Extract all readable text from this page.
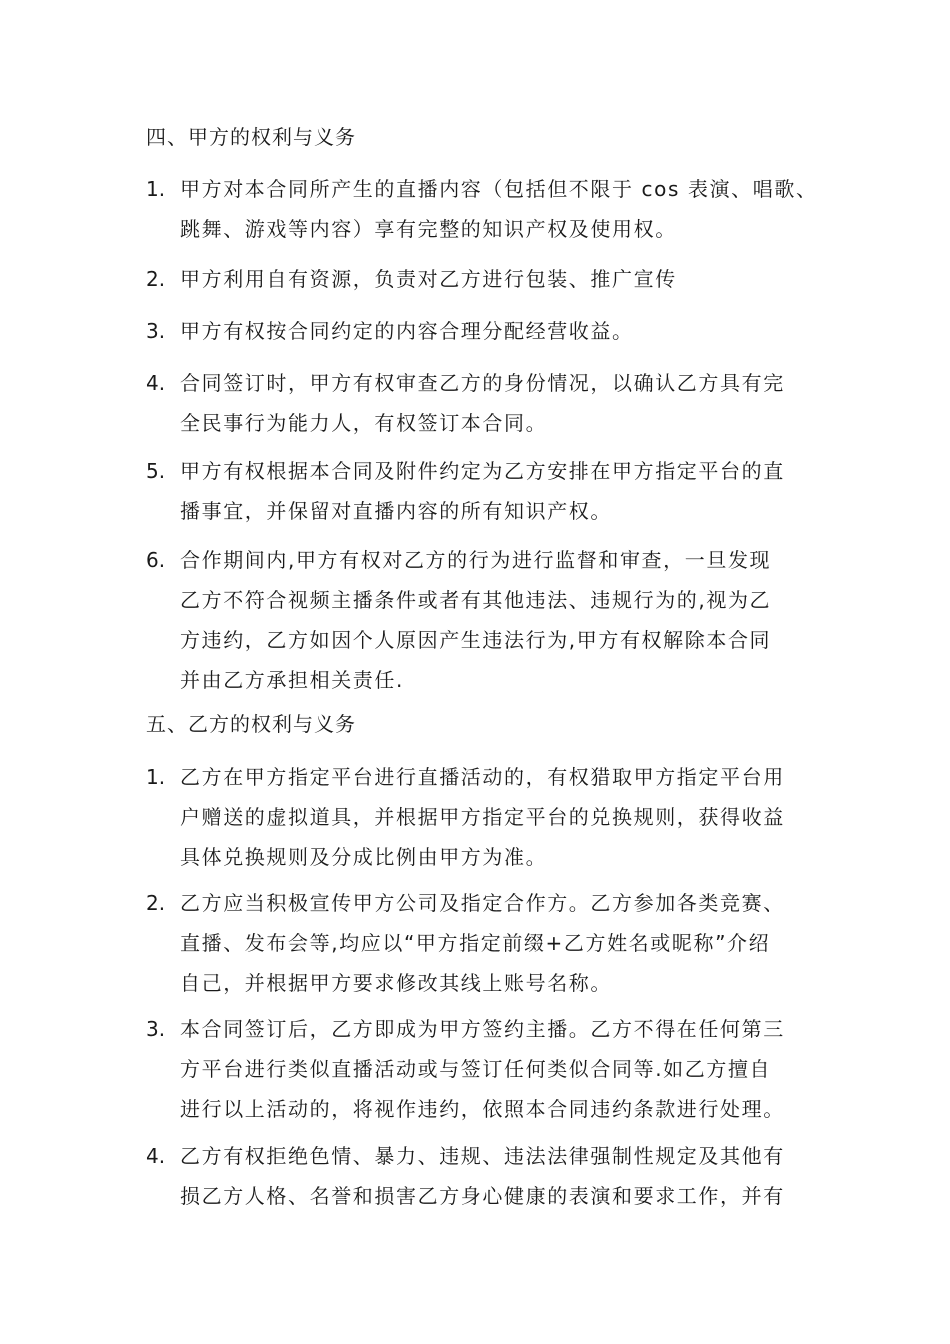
四、甲方的权利与义务
1. 甲方对本合同所产生的直播内容（包括但不限于 cos 表演、唱歌、
跳舞、游戏等内容）享有完整的知识产权及使用权。
2. 甲方利用自有资源，负责对乙方进行包装、推广宣传
3. 甲方有权按合同约定的内容合理分配经营收益。
4. 合同签订时，甲方有权审查乙方的身份情况，以确认乙方具有完
全民事行为能力人，有权签订本合同。
5. 甲方有权根据本合同及附件约定为乙方安排在甲方指定平台的直
播事宜，并保留对直播内容的所有知识产权。
6. 合作期间内,甲方有权对乙方的行为进行监督和审查，一旦发现
乙方不符合视频主播条件或者有其他违法、违规行为的,视为乙
方违约，乙方如因个人原因产生违法行为,甲方有权解除本合同
并由乙方承担相关责任.
五、乙方的权利与义务
1. 乙方在甲方指定平台进行直播活动的，有权猎取甲方指定平台用
户赠送的虚拟道具，并根据甲方指定平台的兑换规则，获得收益
具体兑换规则及分成比例由甲方为准。
2. 乙方应当积极宣传甲方公司及指定合作方。乙方参加各类竞赛、
直播、发布会等,均应以“甲方指定前缀+乙方姓名或昵称”介绍
自己，并根据甲方要求修改其线上账号名称。
3. 本合同签订后，乙方即成为甲方签约主播。乙方不得在任何第三
方平台进行类似直播活动或与签订任何类似合同等.如乙方擅自
进行以上活动的，将视作违约，依照本合同违约条款进行处理。
4. 乙方有权拒绝色情、暴力、违规、违法法律强制性规定及其他有
损乙方人格、名誉和损害乙方身心健康的表演和要求工作，并有
